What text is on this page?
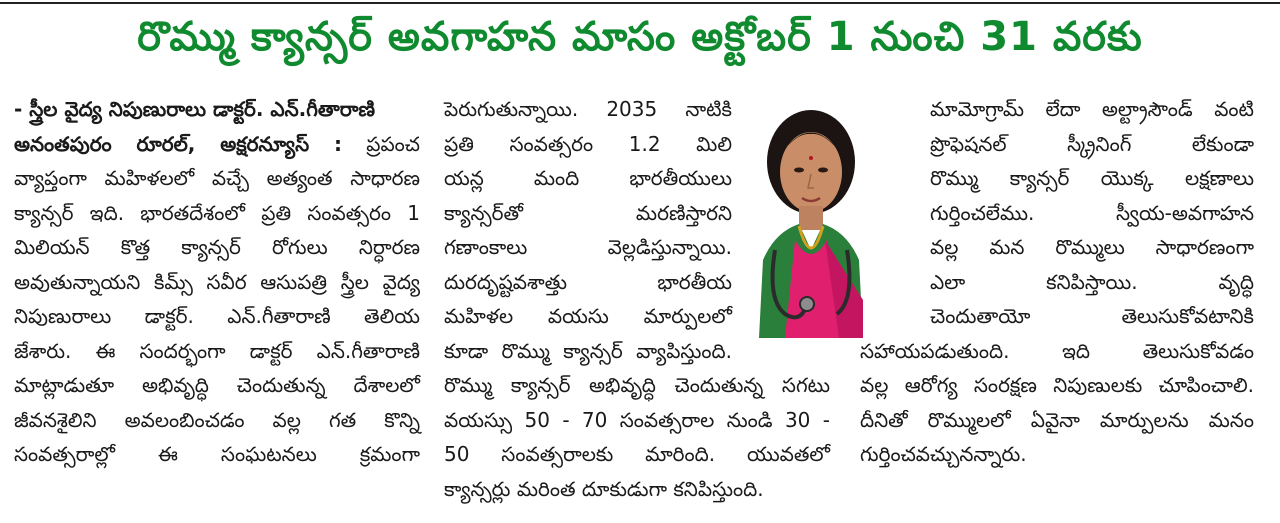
రొమ్ము క్యాన్సర్ అవగాహన మాసం అక్టోబర్ 1 నుంచి 31 వరకు

- స్త్రీల వైద్య నిపుణురాలు డాక్టర్. ఎన్.గీతారాణి

అనంతపురం రూరల్, అక్షరన్యూస్ : ప్రపంచ

వ్యాప్తంగా మహిళలలో వచ్చే అత్యంత సాధారణ

క్యాన్సర్ ఇది. భారతదేశంలో ప్రతి సంవత్సరం 1

మిలియన్ కొత్త క్యాన్సర్ రోగులు నిర్ధారణ

అవుతున్నాయని కిమ్స్ సవీర ఆసుపత్రి స్త్రీల వైద్య

నిపుణురాలు డాక్టర్. ఎన్.గీతారాణి తెలియ

జేశారు. ఈ సందర్భంగా డాక్టర్ ఎన్.గీతారాణి

మాట్లాడుతూ అభివృద్ధి చెందుతున్న దేశాలలో

జీవనశైలిని అవలంబించడం వల్ల గత కొన్ని

సంవత్సరాల్లో ఈ సంఘటనలు క్రమంగా

పెరుగుతున్నాయి. 2035 నాటికి

ప్రతి సంవత్సరం 1.2 మిలి

యన్ల మంది భారతీయులు

క్యాన్సర్‌తో మరణిస్తారని

గణాంకాలు వెల్లడిస్తున్నాయి.

దురదృష్టవశాత్తు భారతీయ

మహిళల వయసు మార్పులలో

కూడా రొమ్ము క్యాన్సర్ వ్యాపిస్తుంది.

రొమ్ము క్యాన్సర్ అభివృద్ధి చెందుతున్న సగటు

వయస్సు 50 - 70 సంవత్సరాల నుండి 30 -

50 సంవత్సరాలకు మారింది. యువతలో

క్యాన్సర్లు మరింత దూకుడుగా కనిపిస్తుంది.

మామోగ్రామ్ లేదా అల్ట్రాసౌండ్ వంటి

ప్రొఫెషనల్ స్క్రీనింగ్ లేకుండా

రొమ్ము క్యాన్సర్ యొక్క లక్షణాలు

గుర్తించలేము. స్వీయ-అవగాహన

వల్ల మన రొమ్ములు సాధారణంగా

ఎలా కనిపిస్తాయి. వృద్ధి

చెందుతాయో తెలుసుకోవటానికి

సహాయపడుతుంది. ఇది తెలుసుకోవడం

వల్ల ఆరోగ్య సంరక్షణ నిపుణులకు చూపించాలి.

దీనితో రొమ్ములలో ఏవైనా మార్పులను మనం

గుర్తించవచ్చునన్నారు.
